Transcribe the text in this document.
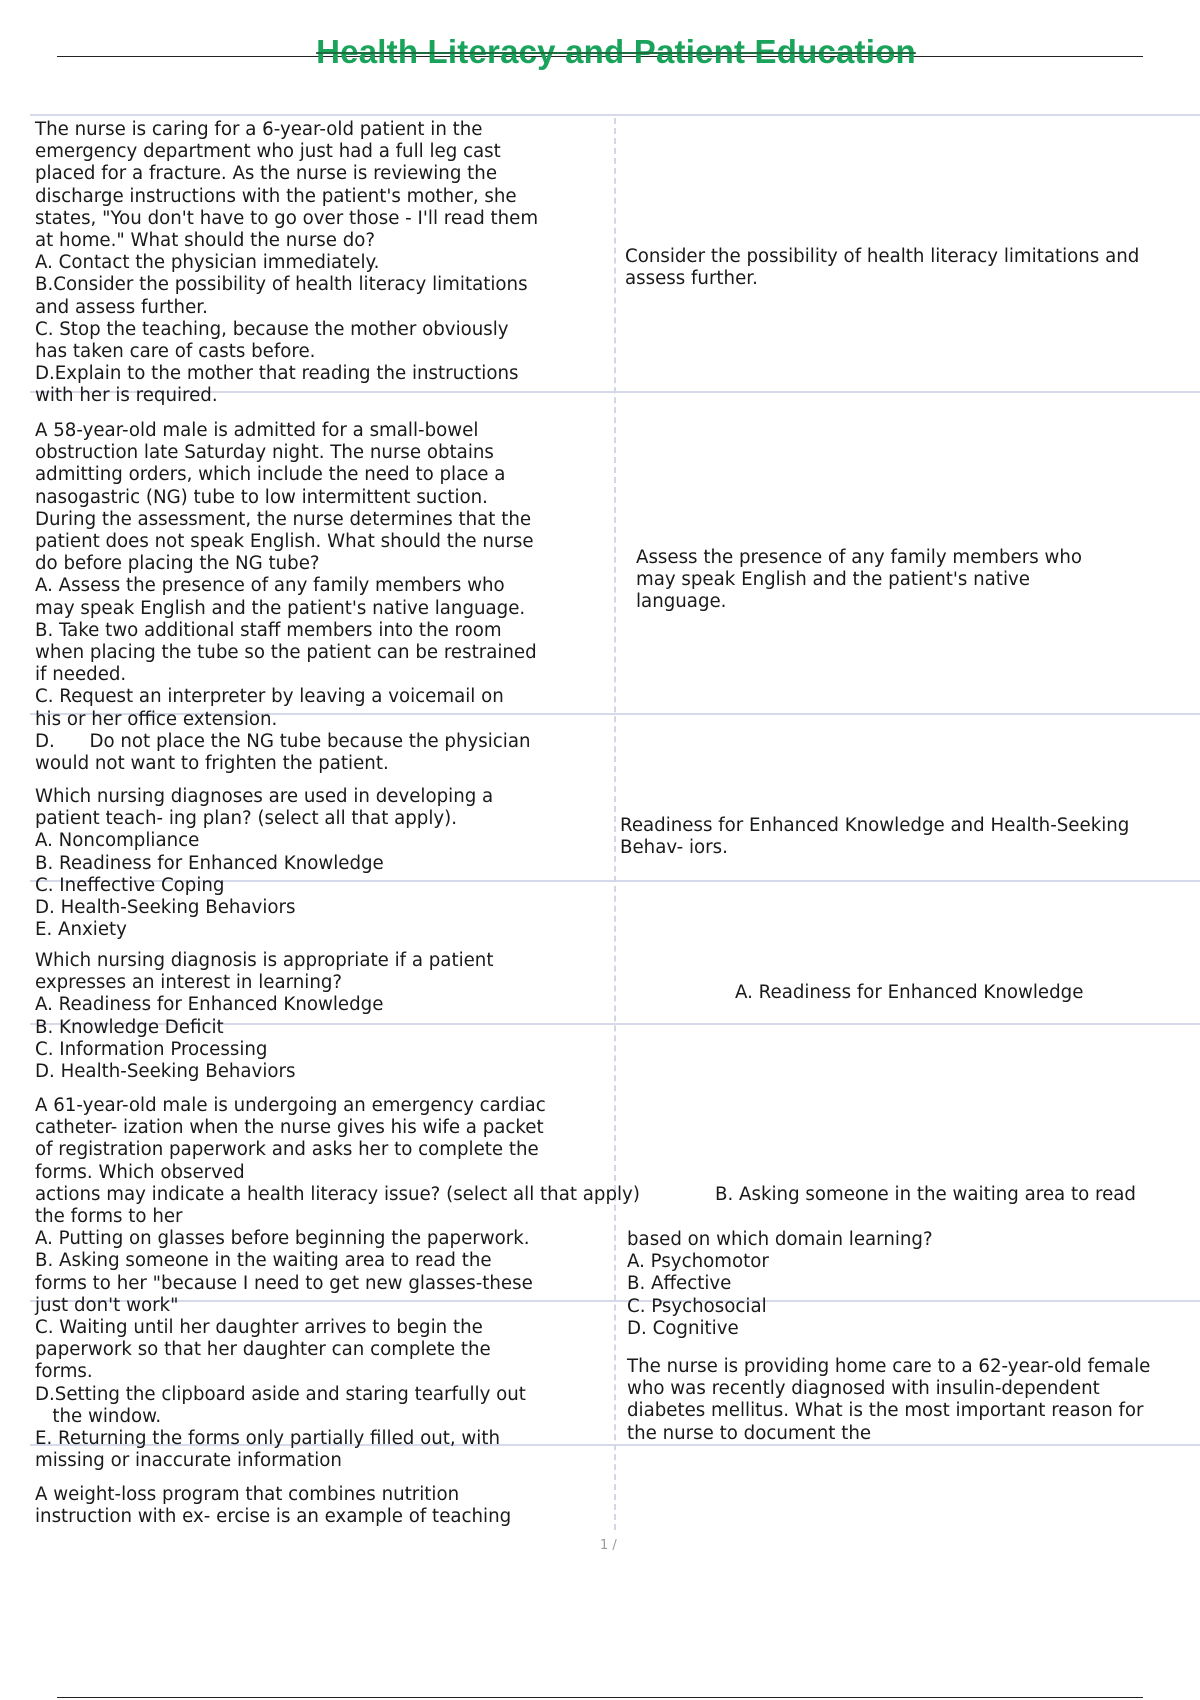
Health Literacy and Patient Education
The nurse is caring for a 6-year-old patient in the
emergency department who just had a full leg cast
placed for a fracture. As the nurse is reviewing the
discharge instructions with the patient's mother, she
states, "You don't have to go over those - I'll read them
at home." What should the nurse do?
A. Contact the physician immediately.
B.Consider the possibility of health literacy limitations
and assess further.
C. Stop the teaching, because the mother obviously
has taken care of casts before.
D.Explain to the mother that reading the instructions
with her is required.
Consider the possibility of health literacy limitations and
assess further.
A 58-year-old male is admitted for a small-bowel
obstruction late Saturday night. The nurse obtains
admitting orders, which include the need to place a
nasogastric (NG) tube to low intermittent suction.
During the assessment, the nurse determines that the
patient does not speak English. What should the nurse
do before placing the NG tube?
A. Assess the presence of any family members who
may speak English and the patient's native language.
B. Take two additional staff members into the room
when placing the tube so the patient can be restrained
if needed.
C. Request an interpreter by leaving a voicemail on
his or her office extension.
D.      Do not place the NG tube because the physician
would not want to frighten the patient.
Assess the presence of any family members who
may speak English and the patient's native
language.
Which nursing diagnoses are used in developing a
patient teach- ing plan? (select all that apply).
A. Noncompliance
B. Readiness for Enhanced Knowledge
C. Ineffective Coping
D. Health-Seeking Behaviors
E. Anxiety
Readiness for Enhanced Knowledge and Health-Seeking
Behav- iors.
Which nursing diagnosis is appropriate if a patient
expresses an interest in learning?
A. Readiness for Enhanced Knowledge
B. Knowledge Deficit
C. Information Processing
D. Health-Seeking Behaviors
A. Readiness for Enhanced Knowledge
A 61-year-old male is undergoing an emergency cardiac
catheter- ization when the nurse gives his wife a packet
of registration paperwork and asks her to complete the
forms. Which observed
actions may indicate a health literacy issue? (select all that apply)
the forms to her
A. Putting on glasses before beginning the paperwork.
B. Asking someone in the waiting area to read the
forms to her "because I need to get new glasses-these
just don't work"
C. Waiting until her daughter arrives to begin the
paperwork so that her daughter can complete the
forms.
D.Setting the clipboard aside and staring tearfully out
the window.
E. Returning the forms only partially filled out, with
missing or inaccurate information
B. Asking someone in the waiting area to read
A weight-loss program that combines nutrition
instruction with ex- ercise is an example of teaching
based on which domain learning?
A. Psychomotor
B. Affective
C. Psychosocial
D. Cognitive
The nurse is providing home care to a 62-year-old female
who was recently diagnosed with insulin-dependent
diabetes mellitus. What is the most important reason for
the nurse to document the
1 /
